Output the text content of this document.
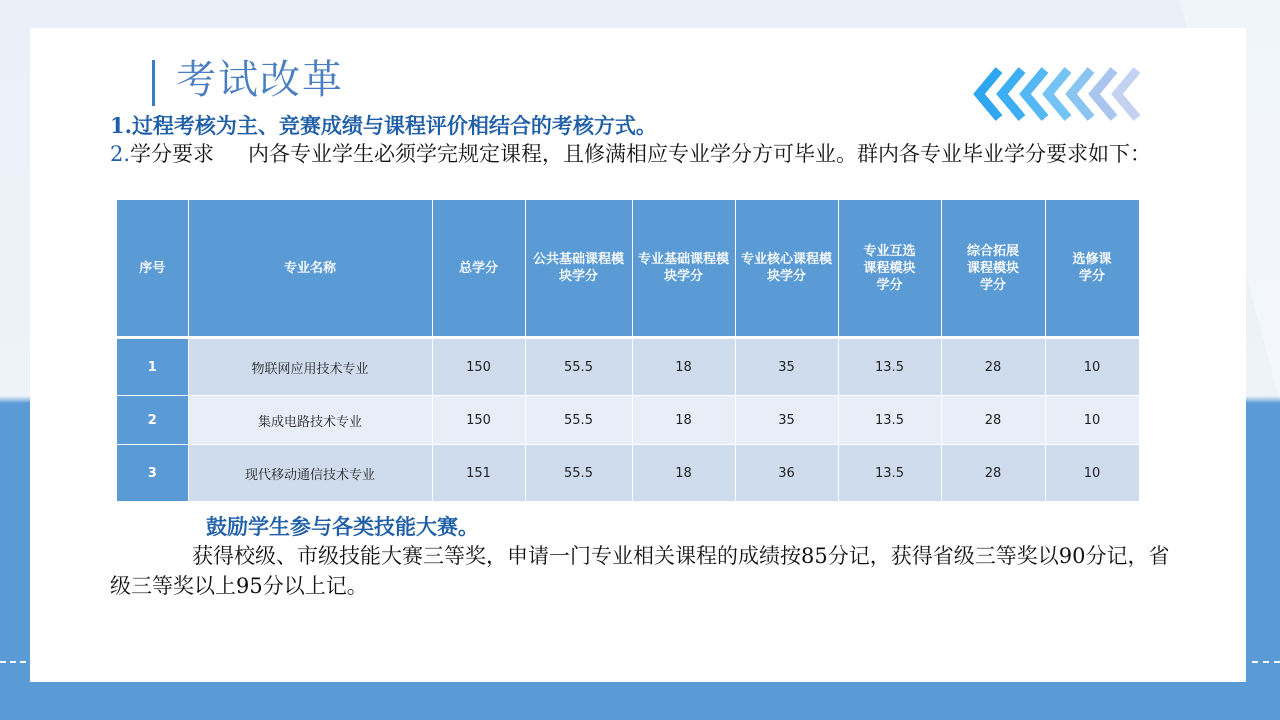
考试改革
1.过程考核为主、竞赛成绩与课程评价相结合的考核方式。
2.学分要求 内各专业学生必须学完规定课程，且修满相应专业学分方可毕业。群内各专业毕业学分要求如下：
序号	专业名称	总学分	公共基础课程模块学分	专业基础课程模块学分	专业核心课程模块学分	专业互选课程模块学分	综合拓展课程模块学分	选修课学分
1	物联网应用技术专业	150	55.5	18	35	13.5	28	10
2	集成电路技术专业	150	55.5	18	35	13.5	28	10
3	现代移动通信技术专业	151	55.5	18	36	13.5	28	10
鼓励学生参与各类技能大赛。
获得校级、市级技能大赛三等奖，申请一门专业相关课程的成绩按85分记，获得省级三等奖以90分记，省级三等奖以上95分以上记。
